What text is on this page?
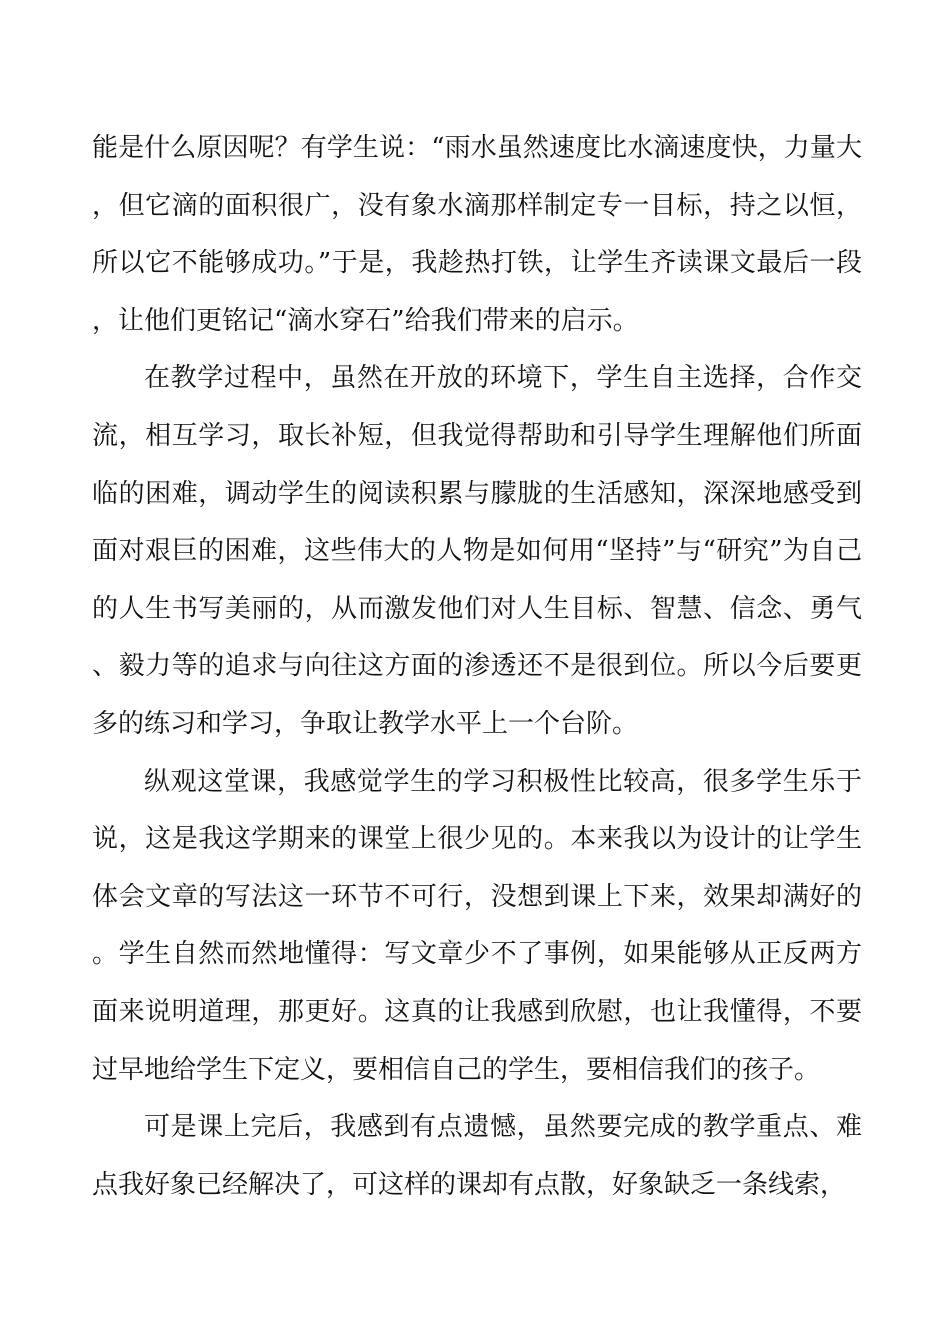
能是什么原因呢？有学生说：“雨水虽然速度比水滴速度快，力量大，但它滴的面积很广，没有象水滴那样制定专一目标，持之以恒，所以它不能够成功。”于是，我趁热打铁，让学生齐读课文最后一段，让他们更铭记“滴水穿石”给我们带来的启示。

在教学过程中，虽然在开放的环境下，学生自主选择，合作交流，相互学习，取长补短，但我觉得帮助和引导学生理解他们所面临的困难，调动学生的阅读积累与朦胧的生活感知，深深地感受到面对艰巨的困难，这些伟大的人物是如何用“坚持”与“研究”为自己的人生书写美丽的，从而激发他们对人生目标、智慧、信念、勇气、毅力等的追求与向往这方面的渗透还不是很到位。所以今后要更多的练习和学习，争取让教学水平上一个台阶。

纵观这堂课，我感觉学生的学习积极性比较高，很多学生乐于说，这是我这学期来的课堂上很少见的。本来我以为设计的让学生体会文章的写法这一环节不可行，没想到课上下来，效果却满好的。学生自然而然地懂得：写文章少不了事例，如果能够从正反两方面来说明道理，那更好。这真的让我感到欣慰，也让我懂得，不要过早地给学生下定义，要相信自己的学生，要相信我们的孩子。

可是课上完后，我感到有点遗憾，虽然要完成的教学重点、难点我好象已经解决了，可这样的课却有点散，好象缺乏一条线索，
